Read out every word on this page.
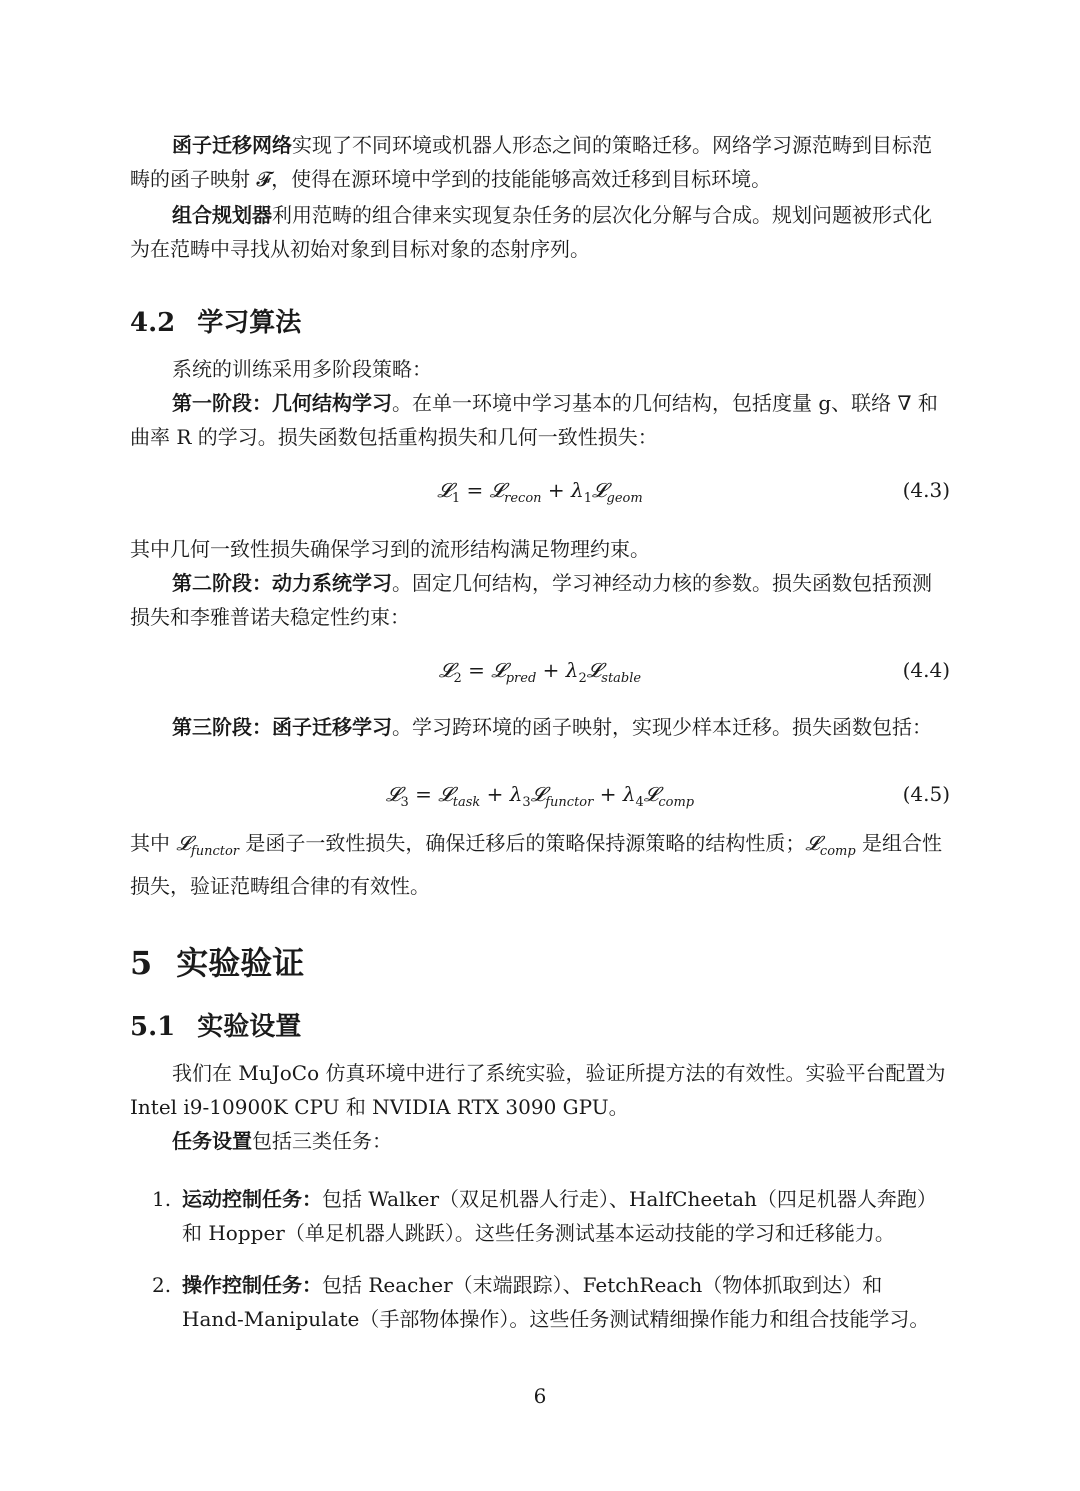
函子迁移网络实现了不同环境或机器人形态之间的策略迁移。网络学习源范畴到目标范畴的函子映射 𝓕，使得在源环境中学到的技能能够高效迁移到目标环境。

组合规划器利用范畴的组合律来实现复杂任务的层次化分解与合成。规划问题被形式化为在范畴中寻找从初始对象到目标对象的态射序列。

4.2 学习算法

系统的训练采用多阶段策略：

第一阶段：几何结构学习。在单一环境中学习基本的几何结构，包括度量 g、联络 ∇ 和曲率 R 的学习。损失函数包括重构损失和几何一致性损失：

𝓛$_1$ = 𝓛$_{recon}$ + $\lambda_1𝓛_{geom}$	(4.3)

其中几何一致性损失确保学习到的流形结构满足物理约束。

第二阶段：动力系统学习。固定几何结构，学习神经动力核的参数。损失函数包括预测损失和李雅普诺夫稳定性约束：

𝓛$_2$ = 𝓛$_{pred}$ + $\lambda_2𝓛_{stable}$	(4.4)

第三阶段：函子迁移学习。学习跨环境的函子映射，实现少样本迁移。损失函数包括：

𝓛$_3$ = 𝓛$_{task}$ + $\lambda_3𝓛_{functor}$ + $\lambda_4𝓛_{comp}$	(4.5)

其中 𝓛$_{functor}$ 是函子一致性损失，确保迁移后的策略保持源策略的结构性质；𝓛$_{comp}$ 是组合性损失，验证范畴组合律的有效性。

5 实验验证
5.1 实验设置

我们在 MuJoCo 仿真环境中进行了系统实验，验证所提方法的有效性。实验平台配置为 Intel i9-10900K CPU 和 NVIDIA RTX 3090 GPU。

任务设置包括三类任务：

1. 运动控制任务：包括 Walker（双足机器人行走）、HalfCheetah（四足机器人奔跑）和 Hopper（单足机器人跳跃）。这些任务测试基本运动技能的学习和迁移能力。
2. 操作控制任务：包括 Reacher（末端跟踪）、FetchReach（物体抓取到达）和 Hand-Manipulate（手部物体操作）。这些任务测试精细操作能力和组合技能学习。
6
